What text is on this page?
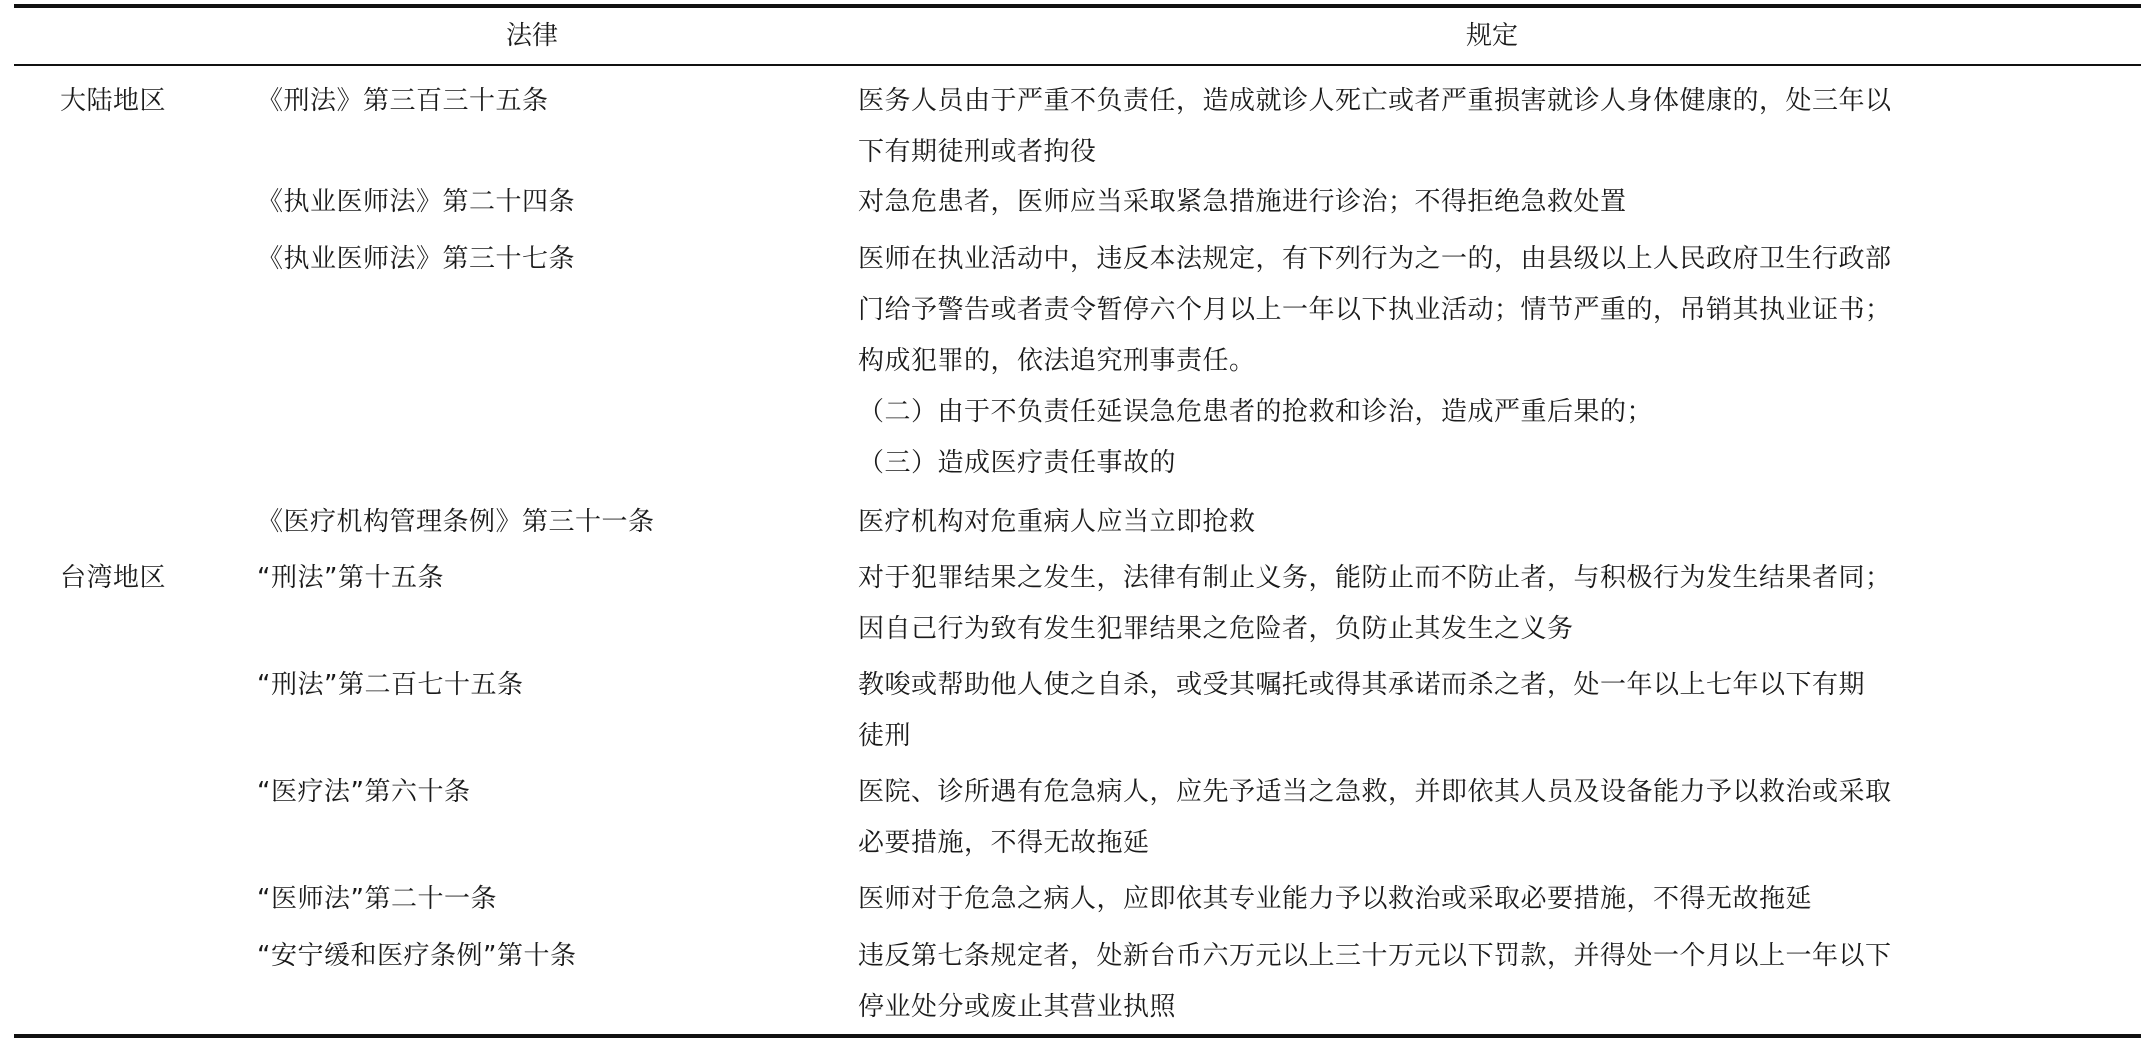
法律	规定
大陆地区	《刑法》第三百三十五条	医务人员由于严重不负责任，造成就诊人死亡或者严重损害就诊人身体健康的，处三年以
下有期徒刑或者拘役
《执业医师法》第二十四条	对急危患者，医师应当采取紧急措施进行诊治；不得拒绝急救处置
《执业医师法》第三十七条	医师在执业活动中，违反本法规定，有下列行为之一的，由县级以上人民政府卫生行政部
门给予警告或者责令暂停六个月以上一年以下执业活动；情节严重的，吊销其执业证书；
构成犯罪的，依法追究刑事责任。
（二）由于不负责任延误急危患者的抢救和诊治，造成严重后果的；
（三）造成医疗责任事故的
《医疗机构管理条例》第三十一条	医疗机构对危重病人应当立即抢救
台湾地区	“刑法”第十五条	对于犯罪结果之发生，法律有制止义务，能防止而不防止者，与积极行为发生结果者同；
因自己行为致有发生犯罪结果之危险者，负防止其发生之义务
“刑法”第二百七十五条	教唆或帮助他人使之自杀，或受其嘱托或得其承诺而杀之者，处一年以上七年以下有期
徒刑
“医疗法”第六十条	医院、诊所遇有危急病人，应先予适当之急救，并即依其人员及设备能力予以救治或采取
必要措施，不得无故拖延
“医师法”第二十一条	医师对于危急之病人，应即依其专业能力予以救治或采取必要措施，不得无故拖延
“安宁缓和医疗条例”第十条	违反第七条规定者，处新台币六万元以上三十万元以下罚款，并得处一个月以上一年以下
停业处分或废止其营业执照
